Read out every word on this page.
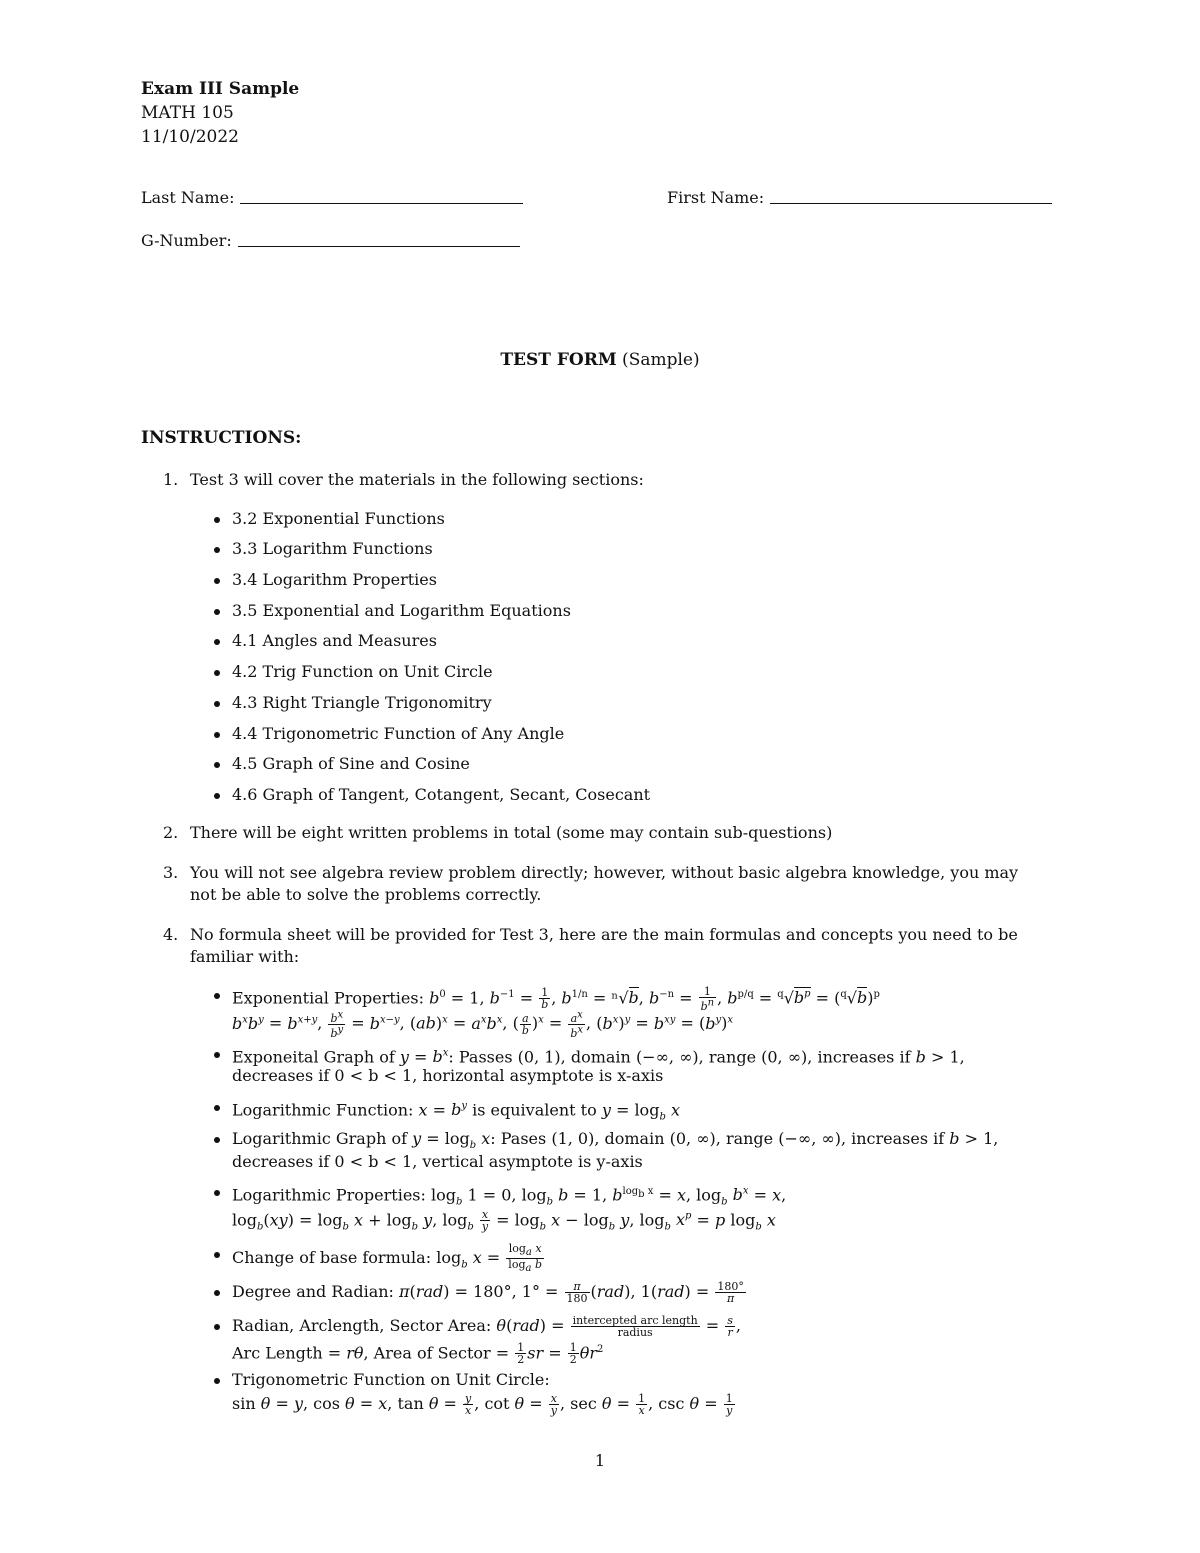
Exam III Sample
MATH 105
11/10/2022
Last Name:	First Name:
G-Number:
TEST FORM (Sample)
INSTRUCTIONS:
1. Test 3 will cover the materials in the following sections:
3.2 Exponential Functions
3.3 Logarithm Functions
3.4 Logarithm Properties
3.5 Exponential and Logarithm Equations
4.1 Angles and Measures
4.2 Trig Function on Unit Circle
4.3 Right Triangle Trigonomitry
4.4 Trigonometric Function of Any Angle
4.5 Graph of Sine and Cosine
4.6 Graph of Tangent, Cotangent, Secant, Cosecant
2. There will be eight written problems in total (some may contain sub-questions)
3. You will not see algebra review problem directly; however, without basic algebra knowledge, you may
not be able to solve the problems correctly.
4. No formula sheet will be provided for Test 3, here are the main formulas and concepts you need to be
familiar with:
Exponential Properties: $b^0 = 1$, $b^{-1} = \frac{1}{b}$ , $b^{1/n} = ^n√b$, $b^{-n} = \frac{1}{b^n}$ , $b^{p/q} = ^q√b^p = (^q√b)^p$
$b^xb^y = b^{x+y}$, $\frac{b^x}{b^y} = b^{x-y}$, $(ab)^x = a^xb^x$, ( $\frac{a}{b} )^x = \frac{a^x}{b^x}$ , $(b^x)^y = b^{xy} = (b^y)^x$
Exponeital Graph of $y = b^x$: Passes (0, 1), domain (−∞, ∞), range (0, ∞), increases if b > 1,
decreases if 0 < b < 1, horizontal asymptote is x-axis
Logarithmic Function: $x = b^y$ is equivalent to $y = \log_b x$
Logarithmic Graph of $y = \log_b x$: Pases (1, 0), domain (0, ∞), range (−∞, ∞), increases if b > 1,
decreases if 0 < b < 1, vertical asymptote is y-axis
Logarithmic Properties: $\log_b 1 = 0$, $\log_b b = 1$, $b^{log_b x} = x$, $\log_b b^x = x$,
$\log_b(xy) = \log_b x + \log_b y$, $\log_b \frac{x}{y} = \log_b x - \log_b y$, $\log_b x^p = p$ $\log_b x$
Change of base formula: $\log_b x = \frac{\log_a x}{\log_a b}$
Degree and Radian: π(rad) = 180°, $1^\circ = \frac{\pi}{180} (rad)$, $1(rad) = \frac{180^\circ}{\pi}$
Radian, Arclength, Sector Area: $\theta(rad) = \frac{\text{intercepted arc length}}{\text{radius}} = \frac{s}{r}$ ,
Arc Length = rθ, Area of Sector = $\frac{1}{2}$ sr = $\frac{1}{2} \theta r^2$
Trigonometric Function on Unit Circle:
sin θ = y, cos θ = x, $\tan \theta = \frac{y}{x}$ , $\cot \theta = \frac{x}{y}$ , $\sec \theta = \frac{1}{x}$ , $\csc \theta = \frac{1}{y}$
1
